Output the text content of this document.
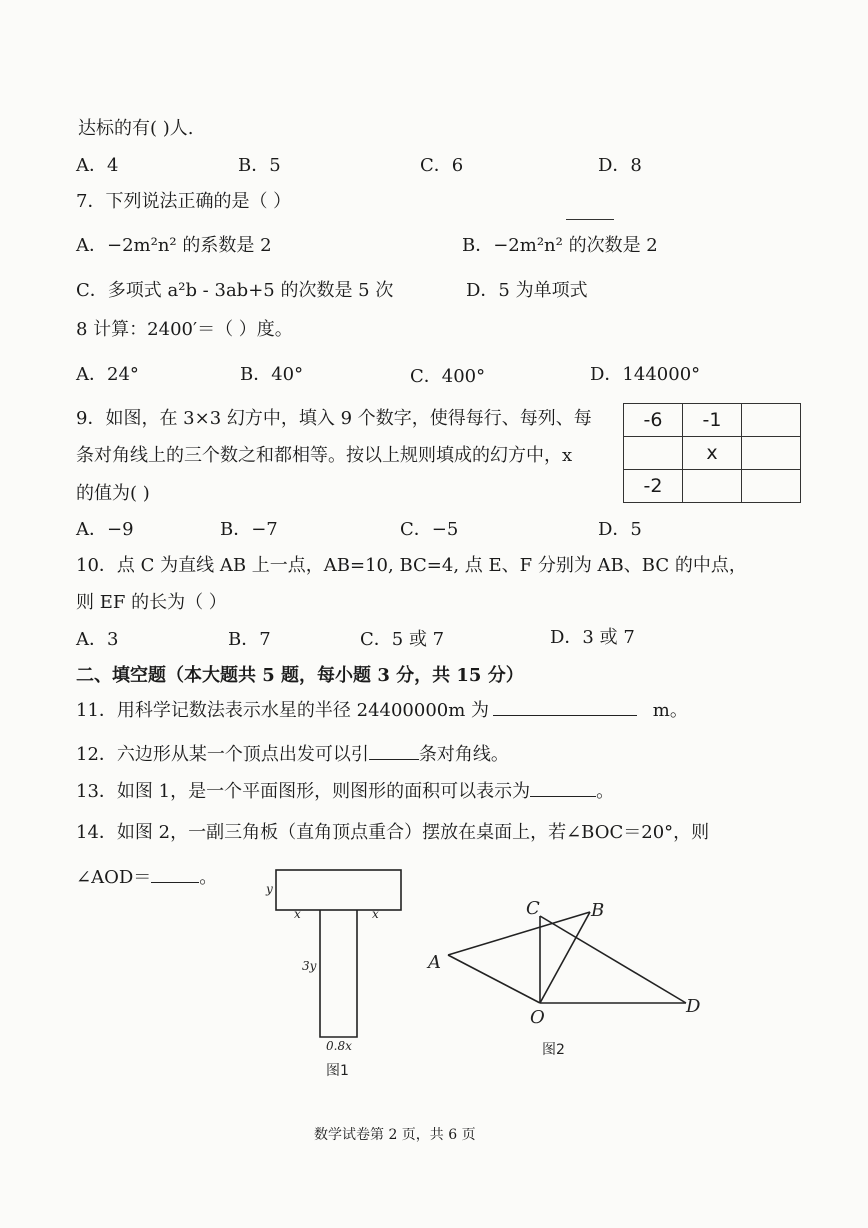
达标的有( )人.
A．4	B．5	C．6	D．8
7．下列说法正确的是（ ）
A．−2m²n² 的系数是 2	B．−2m²n² 的次数是 2
C．多项式 a²b - 3ab+5 的次数是 5 次	D．5 为单项式
8 计算：2400′＝（ ）度。
A．24°	B．40°	C．400°	D．144000°
9．如图，在 3×3 幻方中，填入 9 个数字，使得每行、每列、每
条对角线上的三个数之和都相等。按以上规则填成的幻方中，x
的值为( )
-6	-1	
	x	
-2		
A．−9	B．−7	C．−5	D．5
10．点 C 为直线 AB 上一点，AB=10, BC=4, 点 E、F 分别为 AB、BC 的中点，
则 EF 的长为（ ）
A．3	B．7	C．5 或 7	D．3 或 7
二、填空题（本大题共 5 题，每小题 3 分，共 15 分）
11．用科学记数法表示水星的半径 24400000m 为	m。
12．六边形从某一个顶点出发可以引	条对角线。
13．如图 1，是一个平面图形，则图形的面积可以表示为	。
14．如图 2，一副三角板（直角顶点重合）摆放在桌面上，若∠BOC＝20°，则
∠AOD＝	。
y
x	x
3y
0.8x
图1
A
C	B
O
D
图2
数学试卷第 2 页，共 6 页
